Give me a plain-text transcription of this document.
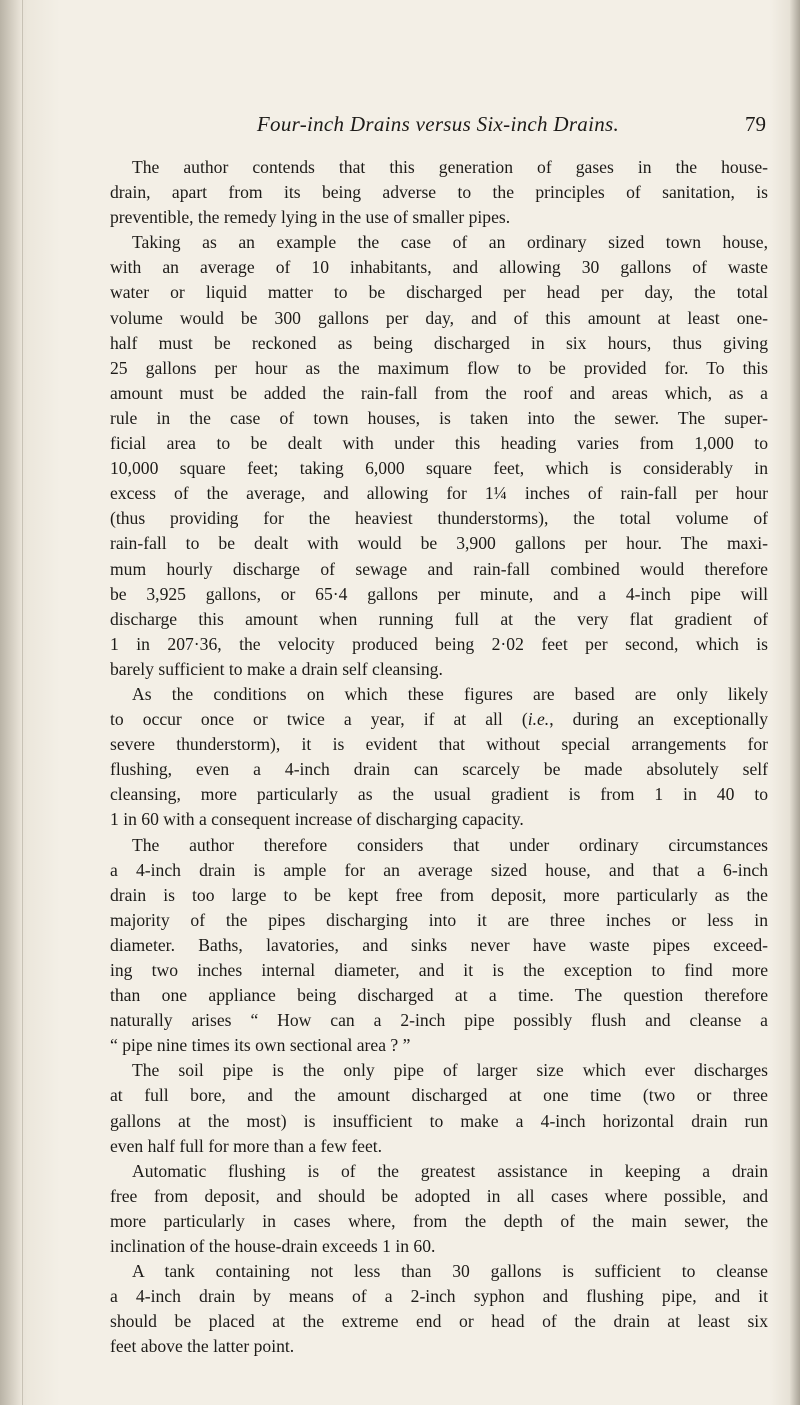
Four-inch Drains versus Six-inch Drains.	79
The author contends that this generation of gases in the house-
drain, apart from its being adverse to the principles of sanitation, is
preventible, the remedy lying in the use of smaller pipes.
Taking as an example the case of an ordinary sized town house,
with an average of 10 inhabitants, and allowing 30 gallons of waste
water or liquid matter to be discharged per head per day, the total
volume would be 300 gallons per day, and of this amount at least one-
half must be reckoned as being discharged in six hours, thus giving
25 gallons per hour as the maximum flow to be provided for. To this
amount must be added the rain-fall from the roof and areas which, as a
rule in the case of town houses, is taken into the sewer. The super-
ficial area to be dealt with under this heading varies from 1,000 to
10,000 square feet; taking 6,000 square feet, which is considerably in
excess of the average, and allowing for 1¼ inches of rain-fall per hour
(thus providing for the heaviest thunderstorms), the total volume of
rain-fall to be dealt with would be 3,900 gallons per hour. The maxi-
mum hourly discharge of sewage and rain-fall combined would therefore
be 3,925 gallons, or 65·4 gallons per minute, and a 4-inch pipe will
discharge this amount when running full at the very flat gradient of
1 in 207·36, the velocity produced being 2·02 feet per second, which is
barely sufficient to make a drain self cleansing.
As the conditions on which these figures are based are only likely
to occur once or twice a year, if at all (i.e., during an exceptionally
severe thunderstorm), it is evident that without special arrangements for
flushing, even a 4-inch drain can scarcely be made absolutely self
cleansing, more particularly as the usual gradient is from 1 in 40 to
1 in 60 with a consequent increase of discharging capacity.
The author therefore considers that under ordinary circumstances
a 4-inch drain is ample for an average sized house, and that a 6-inch
drain is too large to be kept free from deposit, more particularly as the
majority of the pipes discharging into it are three inches or less in
diameter. Baths, lavatories, and sinks never have waste pipes exceed-
ing two inches internal diameter, and it is the exception to find more
than one appliance being discharged at a time. The question therefore
naturally arises “ How can a 2-inch pipe possibly flush and cleanse a
“ pipe nine times its own sectional area ? ”
The soil pipe is the only pipe of larger size which ever discharges
at full bore, and the amount discharged at one time (two or three
gallons at the most) is insufficient to make a 4-inch horizontal drain run
even half full for more than a few feet.
Automatic flushing is of the greatest assistance in keeping a drain
free from deposit, and should be adopted in all cases where possible, and
more particularly in cases where, from the depth of the main sewer, the
inclination of the house-drain exceeds 1 in 60.
A tank containing not less than 30 gallons is sufficient to cleanse
a 4-inch drain by means of a 2-inch syphon and flushing pipe, and it
should be placed at the extreme end or head of the drain at least six
feet above the latter point.
